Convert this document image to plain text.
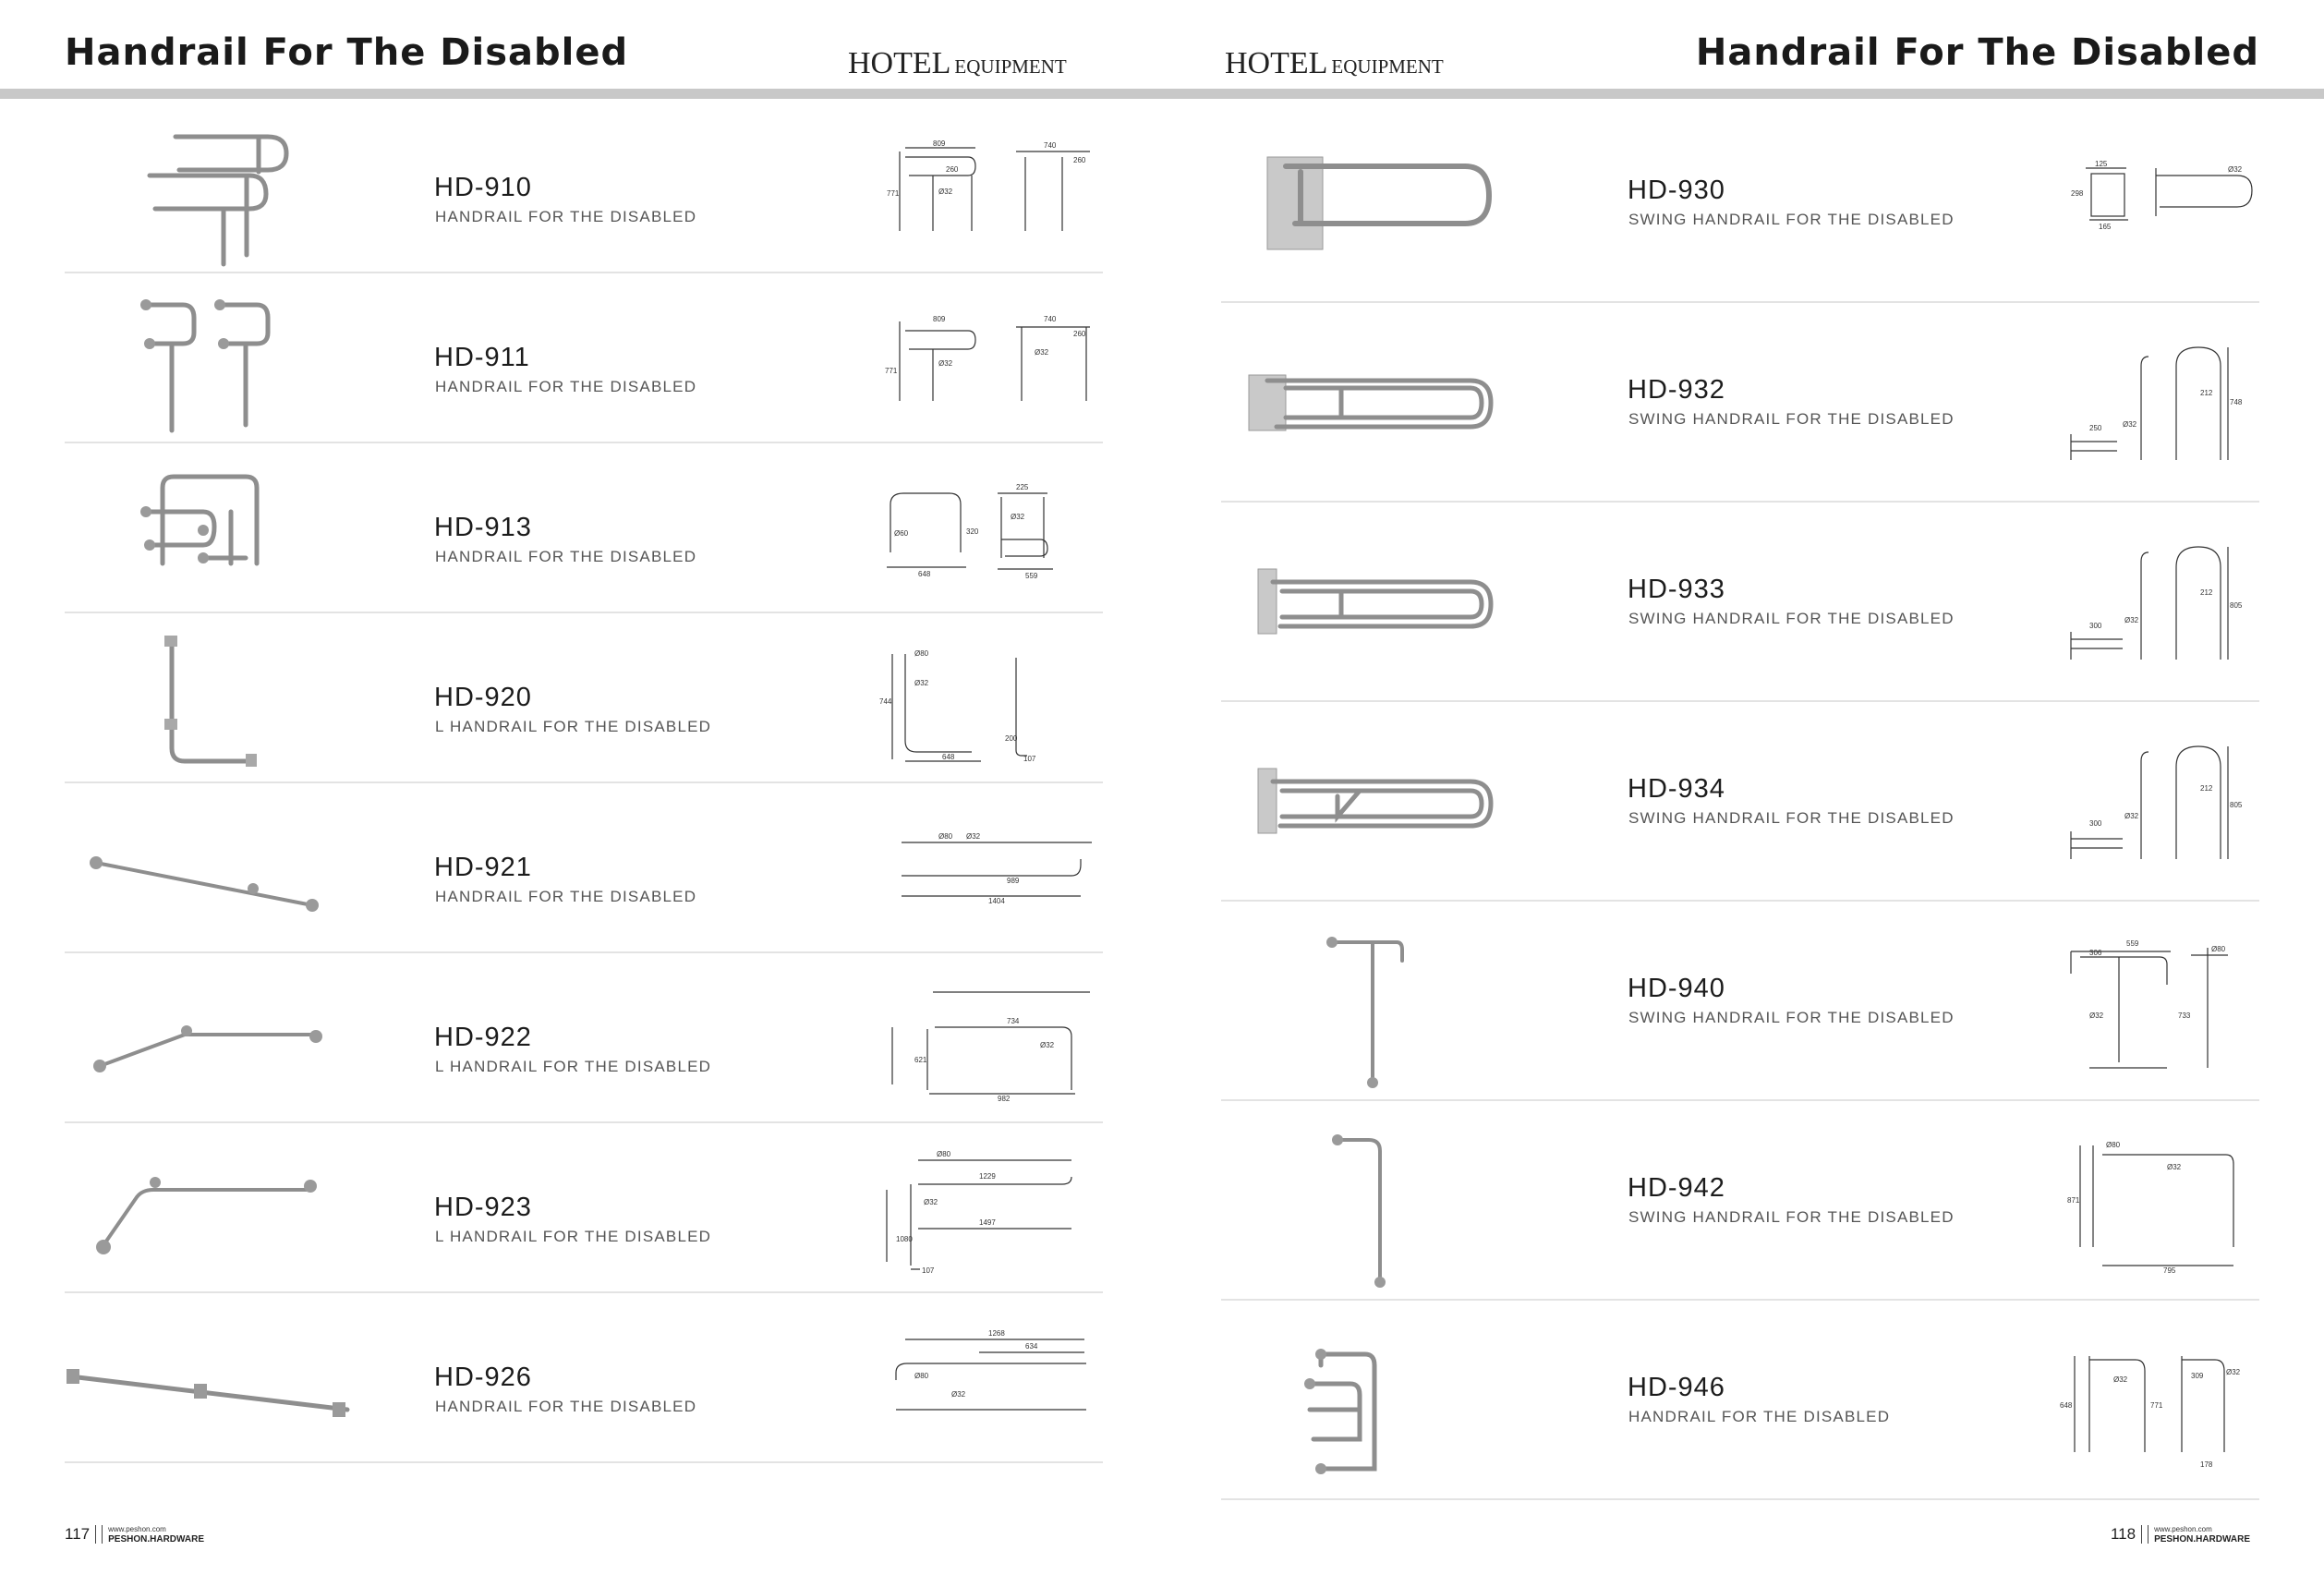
Handrail For The Disabled	HOTEL EQUIPMENT	HOTEL EQUIPMENT	Handrail For The Disabled
HD-910
HANDRAIL FOR THE DISABLED
809	740
260
771
260
Ø32
HD-911
HANDRAIL FOR THE DISABLED
809	740
260
771
Ø32
Ø32
HD-913
HANDRAIL FOR THE DISABLED
Ø60
648
225
Ø32
559
320
HD-920
L HANDRAIL FOR THE DISABLED
Ø80
Ø32
744
648
200
107
HD-921
HANDRAIL FOR THE DISABLED
Ø80 Ø32
989
1404
HD-922
L HANDRAIL FOR THE DISABLED
734
Ø32
621
982
HD-923
L HANDRAIL FOR THE DISABLED
Ø80
1229
Ø32
1497
1080
107
HD-926
HANDRAIL FOR THE DISABLED
1268
634
Ø80
Ø32
HD-930
SWING HANDRAIL FOR THE DISABLED
125
Ø32
165
298
HD-932
SWING HANDRAIL FOR THE DISABLED	Ø32
250
212
748
HD-933
SWING HANDRAIL FOR THE DISABLED	Ø32
300
212
805
HD-934
SWING HANDRAIL FOR THE DISABLED	Ø32
300
212
805
HD-940
SWING HANDRAIL FOR THE DISABLED
559
306	Ø80
Ø32	733
HD-942
SWING HANDRAIL FOR THE DISABLED
Ø80
Ø32
871
795
HD-946
HANDRAIL FOR THE DISABLED
648
Ø32
771
309	Ø32
178
117	www.peshon.com
PESHON.HARDWARE	118	www.peshon.com
PESHON.HARDWARE
